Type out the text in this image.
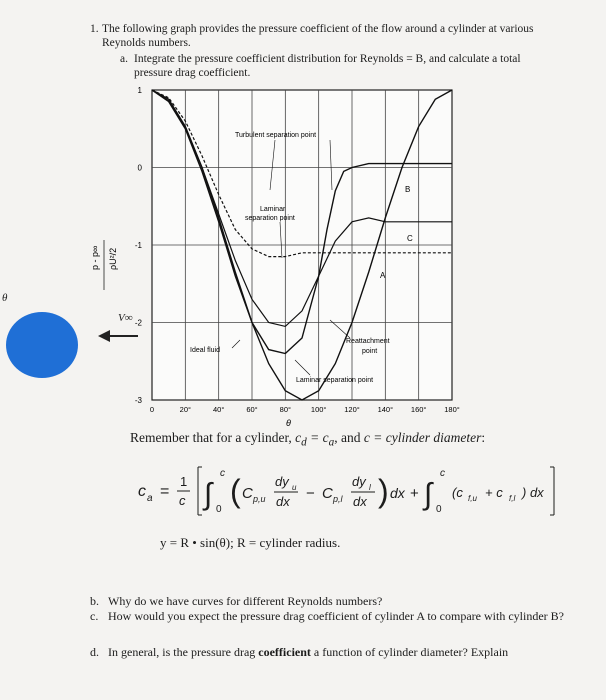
1. The following graph provides the pressure coefficient of the flow around a cylinder at various Reynolds numbers.
a. Integrate the pressure coefficient distribution for Reynolds = B, and calculate a total pressure drag coefficient.
θ
V∞
p - p∞ ρU²/2
0	20°	40°	60°	80°	100° 120° 140° 160° 180°
1
0
-1
-2
-3
Turbulent separation point
Laminar
separation point
Reattachment
point
Ideal fluid
Laminar separation point
B
C
A
θ
Remember that for a cylinder, $c_d = c_a$, and c = cylinder diameter:
c a =
1
c ∫
c
0
( C p,u
dy u
dx − C p,l
dy l
dx ) dx + ∫
c
0
(c f,u + c f,l ) dx
y = R • sin(θ); R = cylinder radius.
b. Why do we have curves for different Reynolds numbers?
c. How would you expect the pressure drag coefficient of cylinder A to compare with cylinder B?
d. In general, is the pressure drag coefficient a function of cylinder diameter? Explain
